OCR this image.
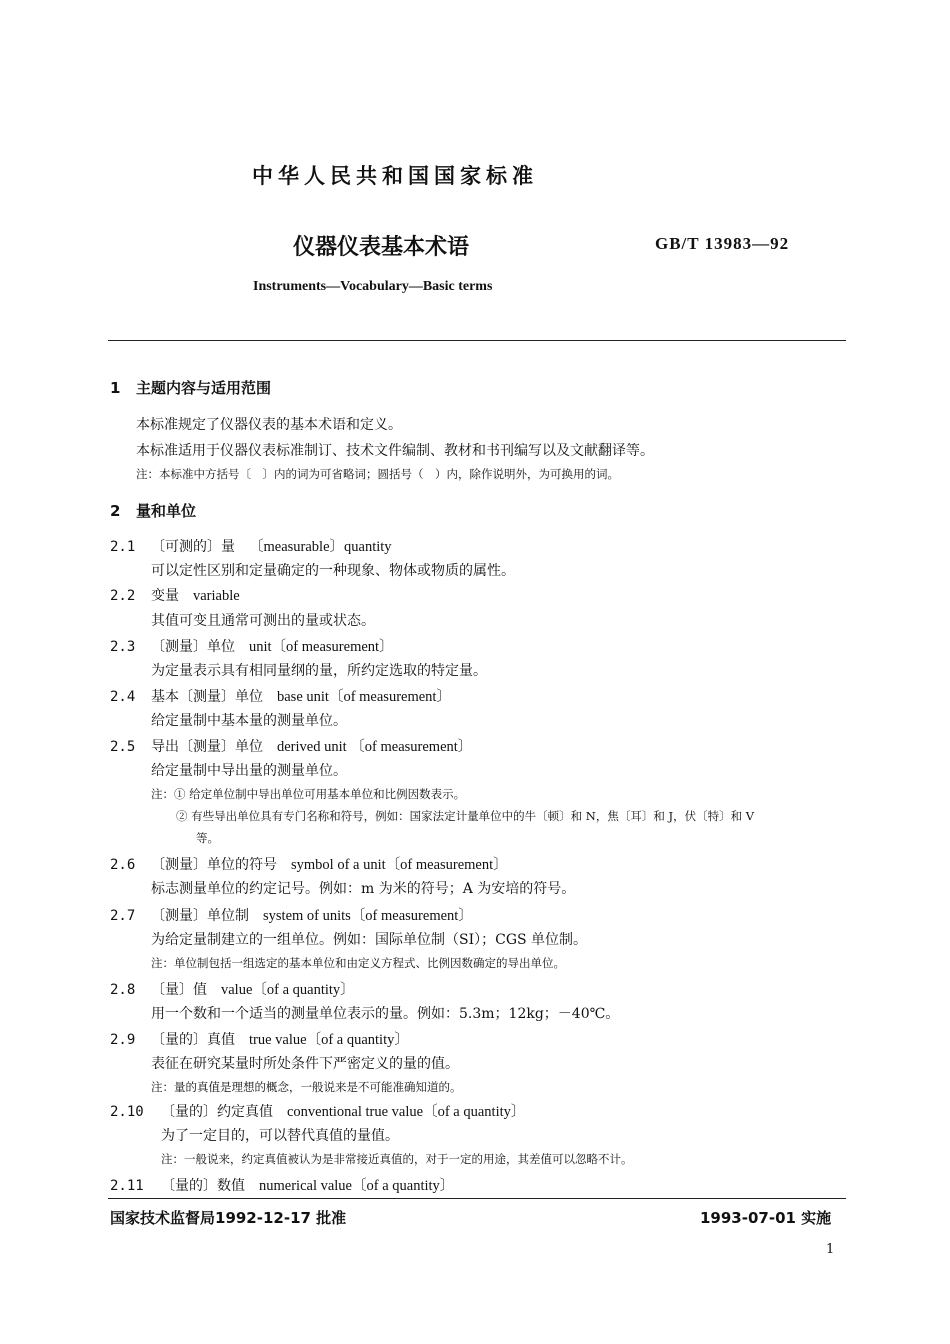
中华人民共和国国家标准
仪器仪表基本术语	GB/T 13983—92
Instruments—Vocabulary—Basic terms
1 主题内容与适用范围
本标准规定了仪器仪表的基本术语和定义。
本标准适用于仪器仪表标准制订、技术文件编制、教材和书刊编写以及文献翻译等。
注：本标准中方括号〔　〕内的词为可省略词；圆括号（　）内，除作说明外，为可换用的词。
2 量和单位
2.1 〔可测的〕量 〔measurable〕quantity
可以定性区别和定量确定的一种现象、物体或物质的属性。
2.2 变量 variable
其值可变且通常可测出的量或状态。
2.3 〔测量〕单位 unit〔of measurement〕
为定量表示具有相同量纲的量，所约定选取的特定量。
2.4 基本〔测量〕单位 base unit〔of measurement〕
给定量制中基本量的测量单位。
2.5 导出〔测量〕单位 derived unit 〔of measurement〕
给定量制中导出量的测量单位。
注：① 给定单位制中导出单位可用基本单位和比例因数表示。
② 有些导出单位具有专门名称和符号，例如：国家法定计量单位中的牛〔顿〕和 N，焦〔耳〕和 J，伏〔特〕和 V
等。
2.6 〔测量〕单位的符号 symbol of a unit〔of measurement〕
标志测量单位的约定记号。例如：m 为米的符号；A 为安培的符号。
2.7 〔测量〕单位制 system of units〔of measurement〕
为给定量制建立的一组单位。例如：国际单位制（SI）；CGS 单位制。
注：单位制包括一组选定的基本单位和由定义方程式、比例因数确定的导出单位。
2.8 〔量〕值 value〔of a quantity〕
用一个数和一个适当的测量单位表示的量。例如：5.3m；12kg；－40℃。
2.9 〔量的〕真值 true value〔of a quantity〕
表征在研究某量时所处条件下严密定义的量的值。
注：量的真值是理想的概念，一般说来是不可能准确知道的。
2.10 〔量的〕约定真值 conventional true value〔of a quantity〕
为了一定目的，可以替代真值的量值。
注：一般说来，约定真值被认为是非常接近真值的，对于一定的用途，其差值可以忽略不计。
2.11 〔量的〕数值 numerical value〔of a quantity〕
国家技术监督局1992-12-17 批准	1993-07-01 实施
1
